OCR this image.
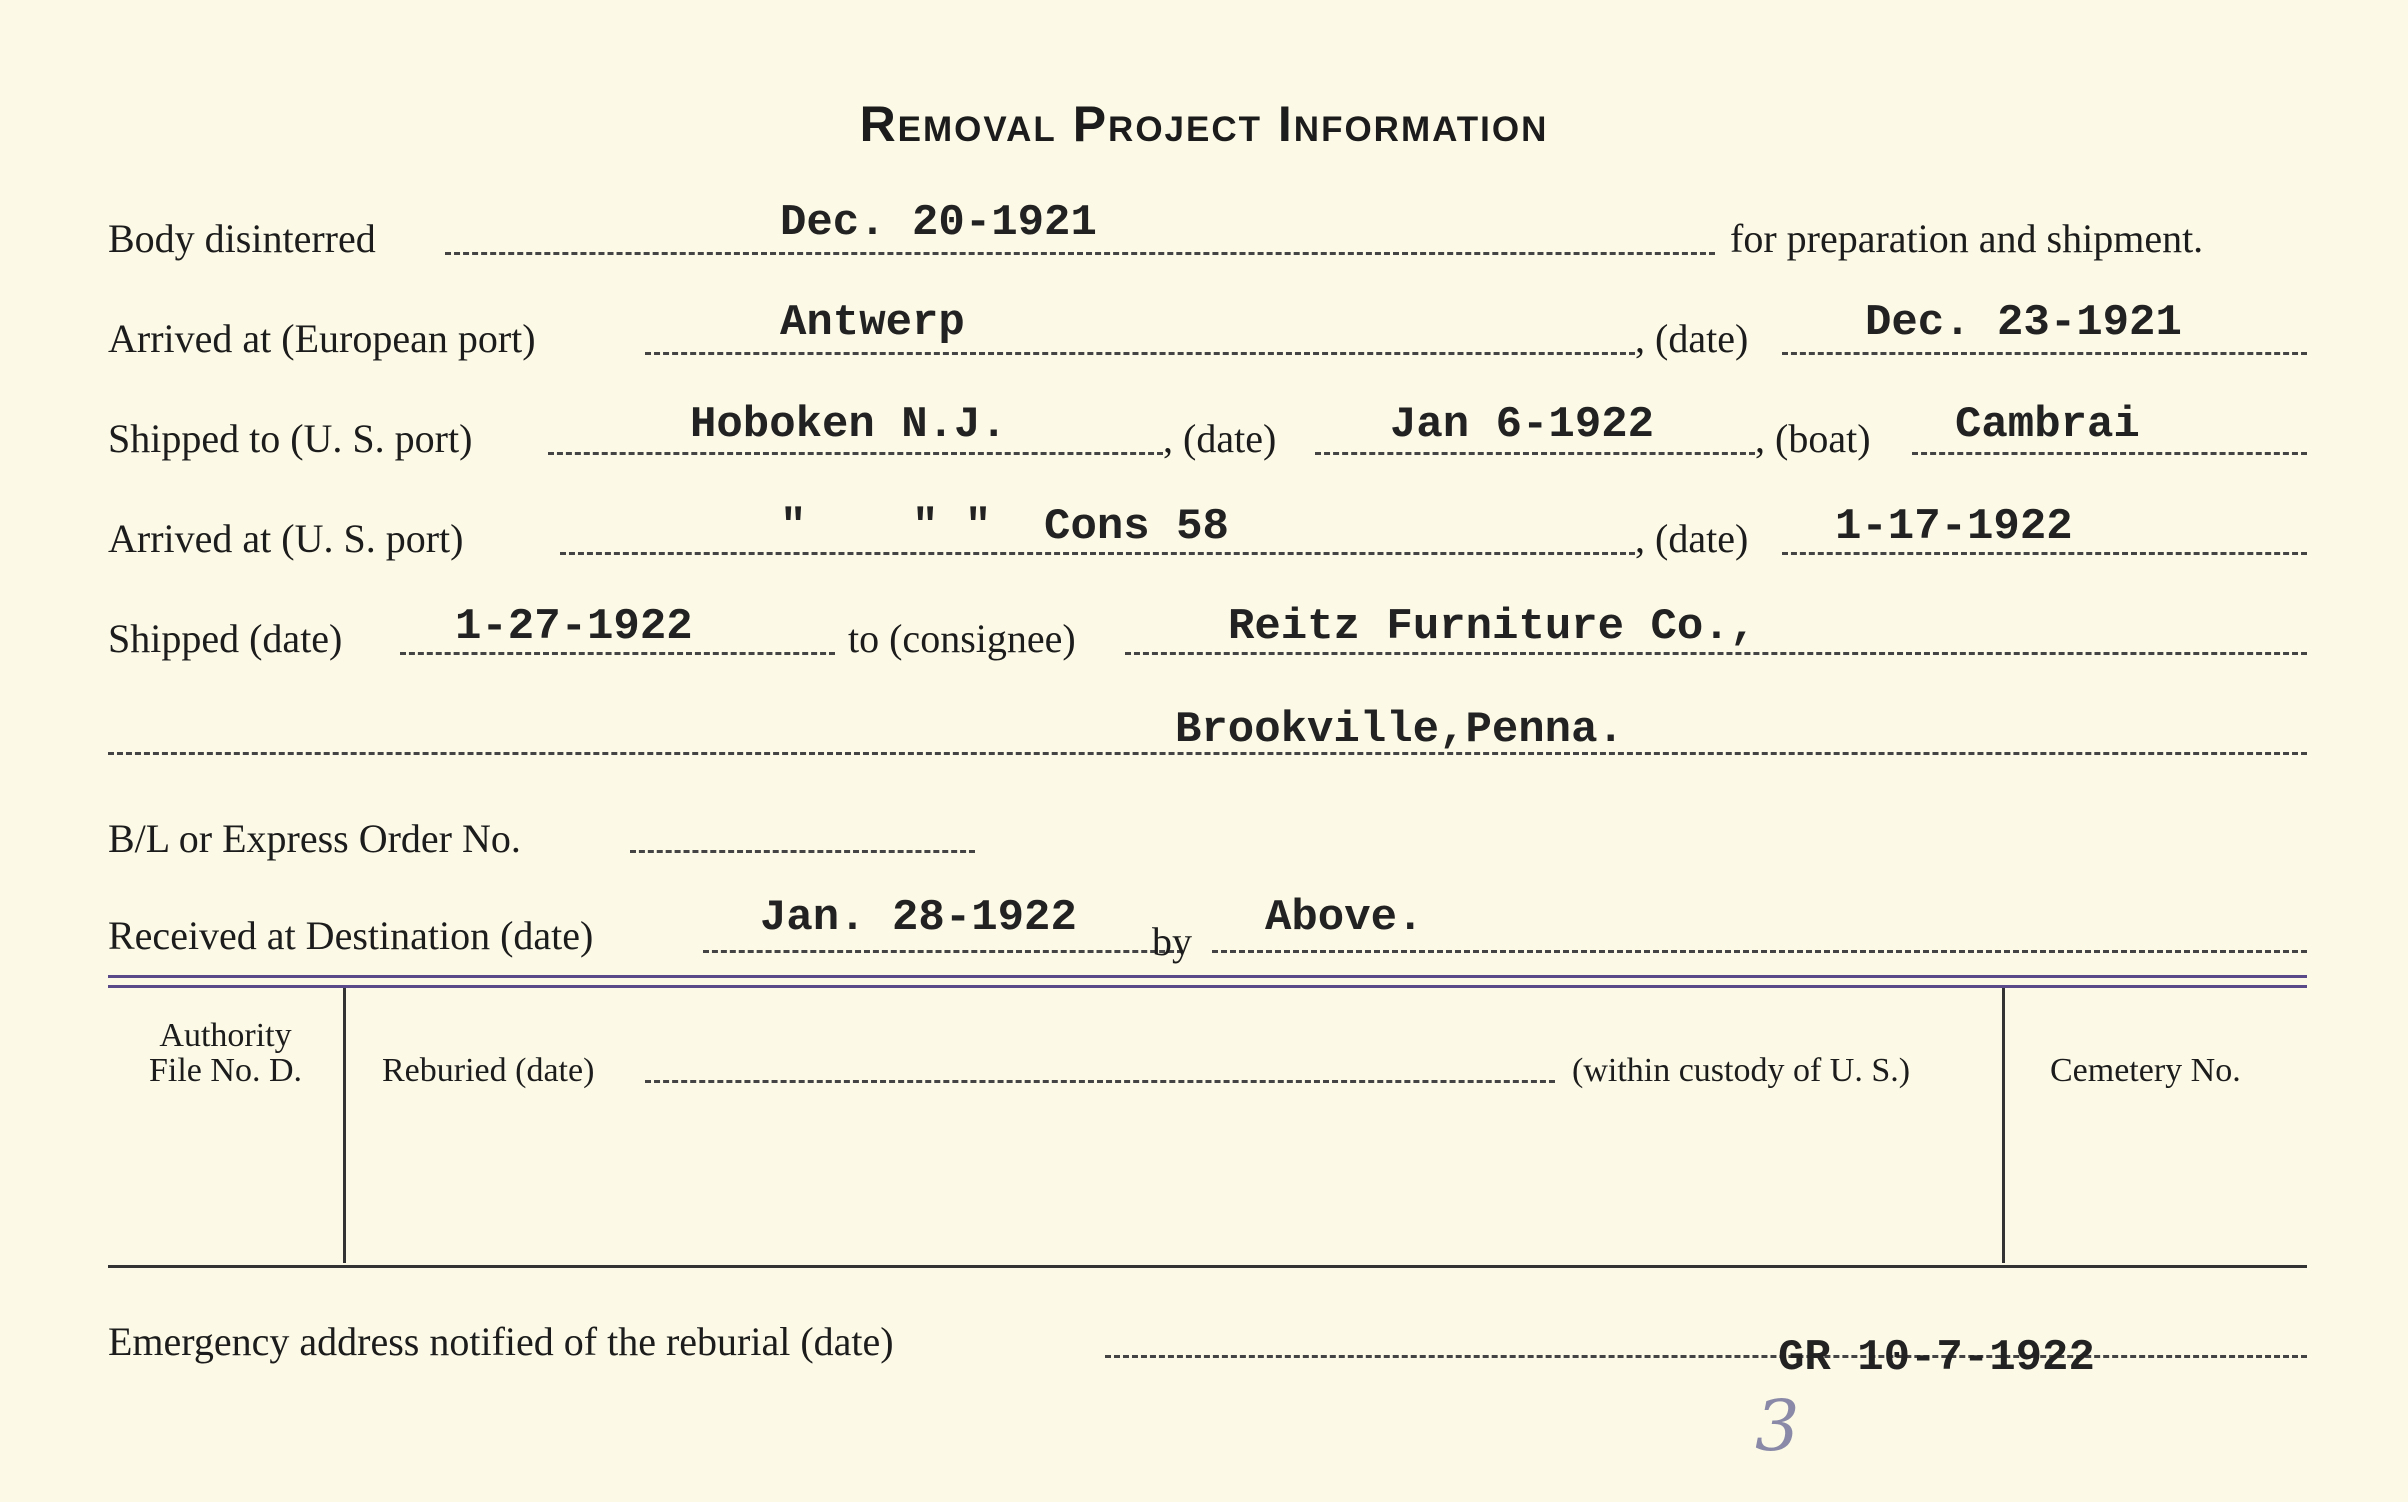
Removal Project Information
Body disinterred	Dec. 20-1921	for preparation and shipment.
Arrived at (European port)	Antwerp	, (date)	Dec. 23-1921
Shipped to (U. S. port)	Hoboken N.J.	, (date)	Jan 6-1922	, (boat) Cambrai
Arrived at (U. S. port)	"    " "  Cons 58	, (date) 1-17-1922
Shipped (date)	1-27-1922	to (consignee)	Reitz Furniture Co.,
Brookville,Penna.
B/L or Express Order No.
Received at Destination (date)	Jan. 28-1922 by Above.
Authority
File No. D.	Reburied (date)	(within custody of U. S.)	Cemetery No.
Emergency address notified of the reburial (date)	GR 10-7-1922
3
